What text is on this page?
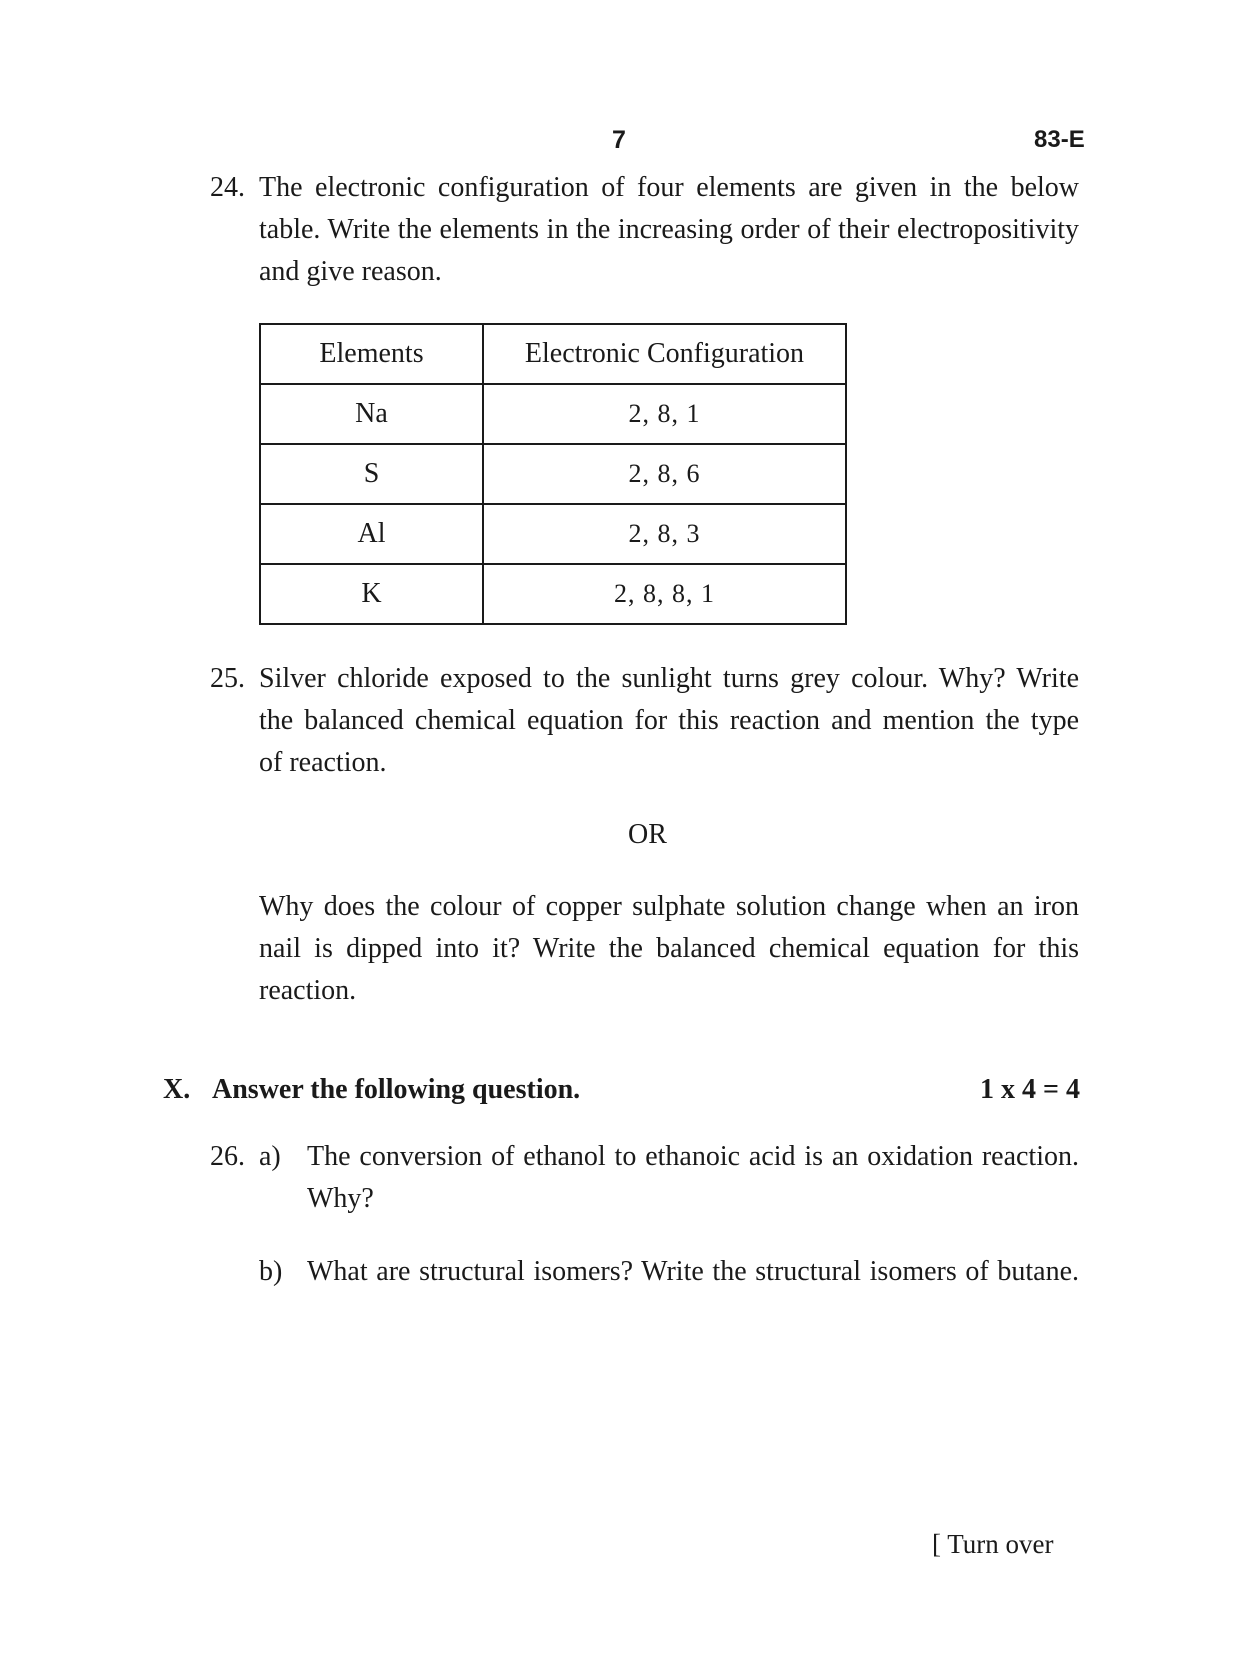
7	83-E
24. The electronic configuration of four elements are given in the below
table. Write the elements in the increasing order of their electropositivity
and give reason.
Elements	Electronic Configuration
Na	2, 8, 1
S	2, 8, 6
Al	2, 8, 3
K	2, 8, 8, 1
25. Silver chloride exposed to the sunlight turns grey colour. Why? Write
the balanced chemical equation for this reaction and mention the type
of reaction.
OR
Why does the colour of copper sulphate solution change when an iron
nail is dipped into it? Write the balanced chemical equation for this
reaction.
X. Answer the following question.	1 x 4 = 4
26. a) The conversion of ethanol to ethanoic acid is an oxidation reaction.
Why?
b) What are structural isomers? Write the structural isomers of butane.
[ Turn over
